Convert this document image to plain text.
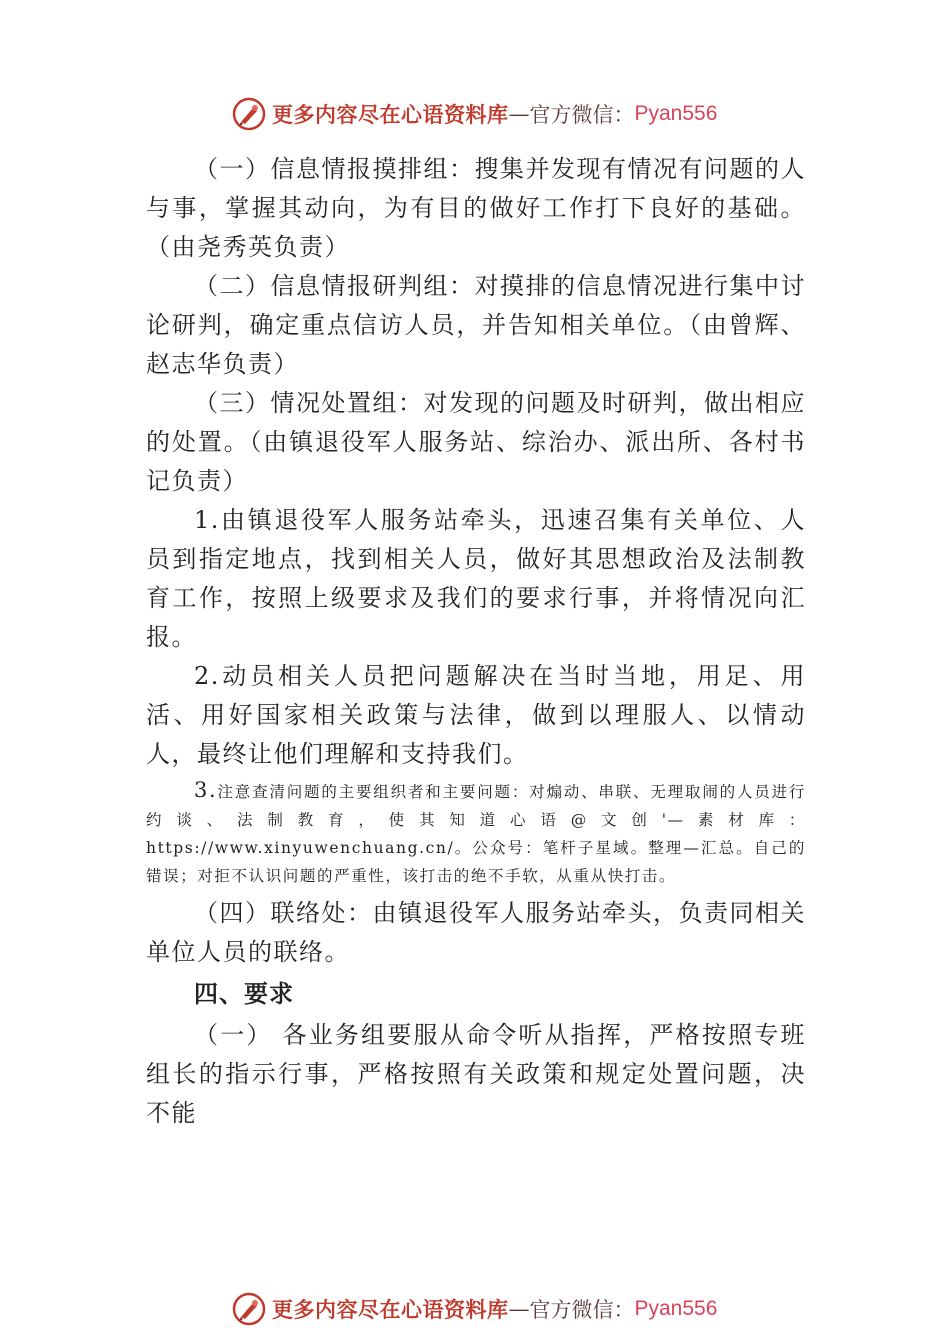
更多内容尽在心语资料库 — 官方微信： Pyan556

（一）信息情报摸排组：搜集并发现有情况有问题的人与事，掌握其动向，为有目的做好工作打下良好的基础。（由尧秀英负责）

（二）信息情报研判组：对摸排的信息情况进行集中讨论研判，确定重点信访人员，并告知相关单位。（由曾辉、赵志华负责）

（三）情况处置组：对发现的问题及时研判，做出相应的处置。（由镇退役军人服务站、综治办、派出所、各村书记负责）

1.由镇退役军人服务站牵头，迅速召集有关单位、人员到指定地点，找到相关人员，做好其思想政治及法制教育工作，按照上级要求及我们的要求行事，并将情况向汇报。

2.动员相关人员把问题解决在当时当地，用足、用活、用好国家相关政策与法律，做到以理服人、以情动人，最终让他们理解和支持我们。

3.注意查清问题的主要组织者和主要问题：对煽动、串联、无理取闹的人员进行约谈、法制教育，使其知道心语@文创'—素材库：https://www.xinyuwenchuang.cn/。公众号：笔杆子星域。整理—汇总。自己的错误；对拒不认识问题的严重性，该打击的绝不手软，从重从快打击。

（四）联络处：由镇退役军人服务站牵头，负责同相关单位人员的联络。

四、要求

（一） 各业务组要服从命令听从指挥，严格按照专班组长的指示行事，严格按照有关政策和规定处置问题，决不能

更多内容尽在心语资料库 — 官方微信： Pyan556
